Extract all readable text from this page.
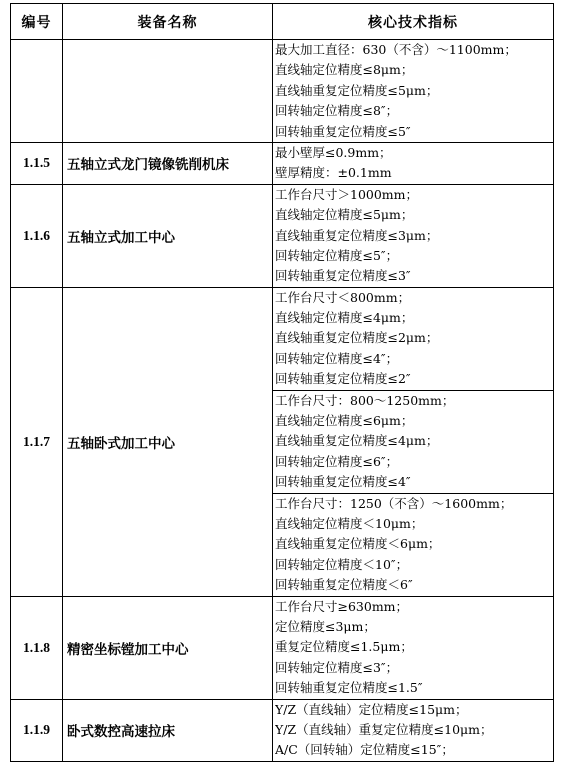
编号	装备名称	核心技术指标

		最大加工直径：630（不含）～1100mm；
直线轴定位精度≤8μm；
直线轴重复定位精度≤5μm；
回转轴定位精度≤8″；
回转轴重复定位精度≤5″

1.1.5	五轴立式龙门镜像铣削机床	最小壁厚≤0.9mm；
壁厚精度：±0.1mm

1.1.6	五轴立式加工中心	工作台尺寸＞1000mm；
直线轴定位精度≤5μm；
直线轴重复定位精度≤3μm；
回转轴定位精度≤5″；
回转轴重复定位精度≤3″

1.1.7	五轴卧式加工中心	工作台尺寸＜800mm；
直线轴定位精度≤4μm；
直线轴重复定位精度≤2μm；
回转轴定位精度≤4″；
回转轴重复定位精度≤2″

		工作台尺寸：800～1250mm；
直线轴定位精度≤6μm；
直线轴重复定位精度≤4μm；
回转轴定位精度≤6″；
回转轴重复定位精度≤4″

		工作台尺寸：1250（不含）～1600mm；
直线轴定位精度＜10μm；
直线轴重复定位精度＜6μm；
回转轴定位精度＜10″；
回转轴重复定位精度＜6″

1.1.8	精密坐标镗加工中心	工作台尺寸≥630mm；
定位精度≤3μm；
重复定位精度≤1.5μm；
回转轴定位精度≤3″；
回转轴重复定位精度≤1.5″

1.1.9	卧式数控高速拉床	Y/Z（直线轴）定位精度≤15μm；
Y/Z（直线轴）重复定位精度≤10μm；
A/C（回转轴）定位精度≤15″；
